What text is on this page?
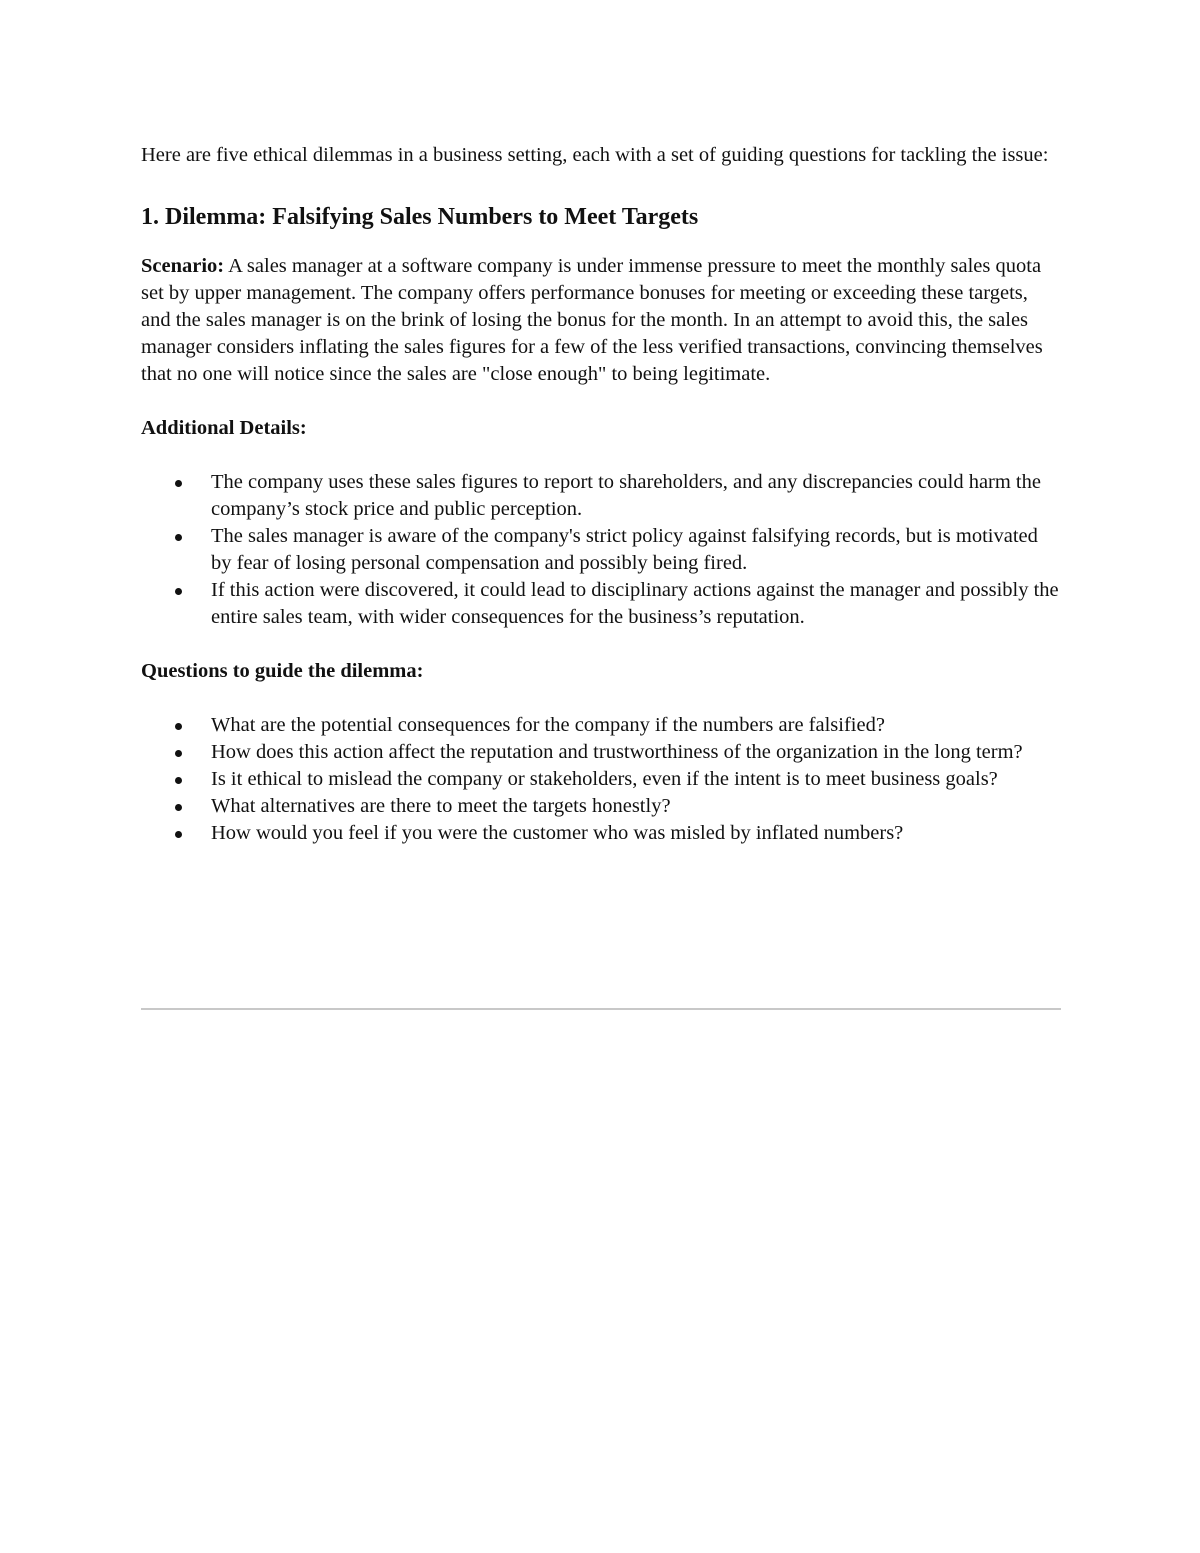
Here are five ethical dilemmas in a business setting, each with a set of guiding questions for tackling the issue:

1. Dilemma: Falsifying Sales Numbers to Meet Targets

Scenario: A sales manager at a software company is under immense pressure to meet the monthly sales quota set by upper management. The company offers performance bonuses for meeting or exceeding these targets, and the sales manager is on the brink of losing the bonus for the month. In an attempt to avoid this, the sales manager considers inflating the sales figures for a few of the less verified transactions, convincing themselves that no one will notice since the sales are "close enough" to being legitimate.

Additional Details:

The company uses these sales figures to report to shareholders, and any discrepancies could harm the company’s stock price and public perception.
The sales manager is aware of the company's strict policy against falsifying records, but is motivated by fear of losing personal compensation and possibly being fired.
If this action were discovered, it could lead to disciplinary actions against the manager and possibly the entire sales team, with wider consequences for the business’s reputation.

Questions to guide the dilemma:

What are the potential consequences for the company if the numbers are falsified?
How does this action affect the reputation and trustworthiness of the organization in the long term?
Is it ethical to mislead the company or stakeholders, even if the intent is to meet business goals?
What alternatives are there to meet the targets honestly?
How would you feel if you were the customer who was misled by inflated numbers?
